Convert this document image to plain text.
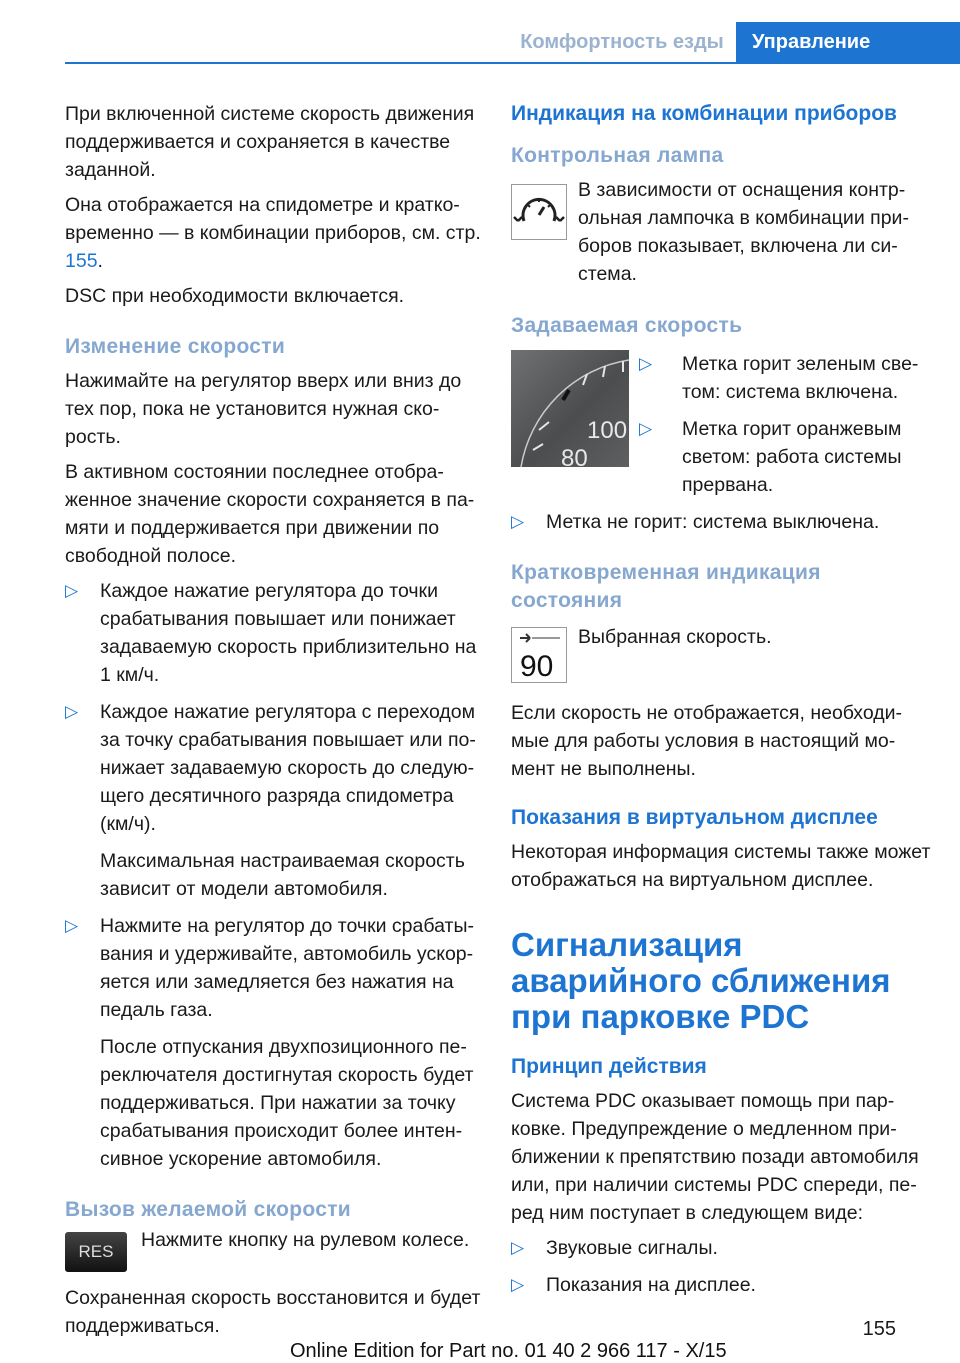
Комфортность езды	Управление

При включенной системе скорость движения поддерживается и сохраняется в качестве заданной.

Она отображается на спидометре и кратковременно — в комбинации приборов, см. стр. 155.

DSC при необходимости включается.

Изменение скорости

Нажимайте на регулятор вверх или вниз до тех пор, пока не установится нужная скорость.

В активном состоянии последнее отображенное значение скорости сохраняется в памяти и поддерживается при движении по свободной полосе.

▷ Каждое нажатие регулятора до точки срабатывания повышает или понижает задаваемую скорость приблизительно на 1 км/ч.
▷ Каждое нажатие регулятора с переходом за точку срабатывания повышает или понижает задаваемую скорость до следующего десятичного разряда спидометра (км/ч).
Максимальная настраиваемая скорость зависит от модели автомобиля.
▷ Нажмите на регулятор до точки срабатывания и удерживайте, автомобиль ускоряется или замедляется без нажатия на педаль газа.
После отпускания двухпозиционного переключателя достигнутая скорость будет поддерживаться. При нажатии за точку срабатывания происходит более интенсивное ускорение автомобиля.
Вызов желаемой скорости
RES

Нажмите кнопку на рулевом колесе.

Сохраненная скорость восстановится и будет поддерживаться.

Индикация на комбинации приборов
Контрольная лампа

В зависимости от оснащения контрольная лампочка в комбинации приборов показывает, включена ли система.

Задаваемая скорость
100
80
▷ Метка горит зеленым светом: система включена.
▷ Метка горит оранжевым светом: работа системы прервана.
▷ Метка не горит: система выключена.
Кратковременная индикация состояния
90

Выбранная скорость.

Если скорость не отображается, необходимые для работы условия в настоящий момент не выполнены.

Показания в виртуальном дисплее

Некоторая информация системы также может отображаться на виртуальном дисплее.

Сигнализация аварийного сближения при парковке PDC
Принцип действия

Система PDC оказывает помощь при парковке. Предупреждение о медленном приближении к препятствию позади автомобиля или, при наличии системы PDC спереди, перед ним поступает в следующем виде:

▷ Звуковые сигналы.
▷ Показания на дисплее.
155
Online Edition for Part no. 01 40 2 966 117 - X/15
